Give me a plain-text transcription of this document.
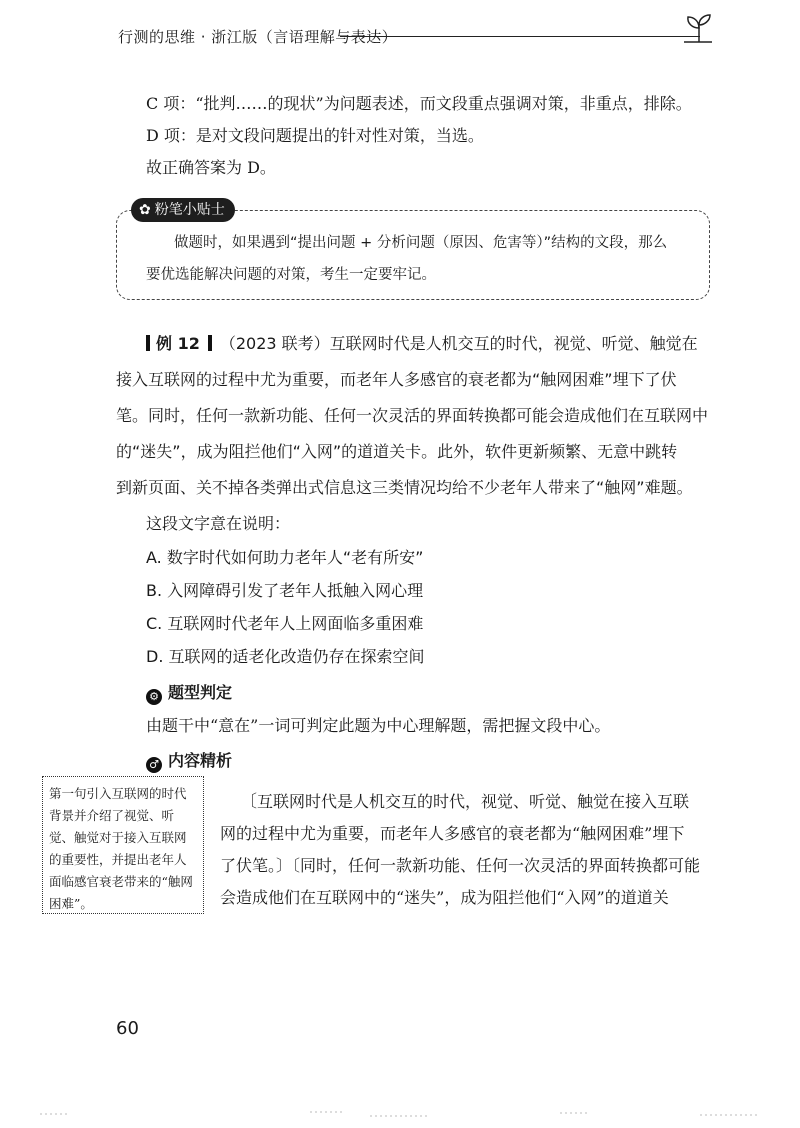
行测的思维 · 浙江版（言语理解与表达）
C 项：“批判……的现状”为问题表述，而文段重点强调对策，非重点，排除。
D 项：是对文段问题提出的针对性对策，当选。
故正确答案为 D。
✿ 粉笔小贴士
做题时，如果遇到“提出问题 + 分析问题（原因、危害等）”结构的文段，那么
要优选能解决问题的对策，考生一定要牢记。
例 12 （2023 联考）互联网时代是人机交互的时代，视觉、听觉、触觉在
接入互联网的过程中尤为重要，而老年人多感官的衰老都为“触网困难”埋下了伏
笔。同时，任何一款新功能、任何一次灵活的界面转换都可能会造成他们在互联网中
的“迷失”，成为阻拦他们“入网”的道道关卡。此外，软件更新频繁、无意中跳转
到新页面、关不掉各类弹出式信息这三类情况均给不少老年人带来了“触网”难题。
这段文字意在说明：
A. 数字时代如何助力老年人“老有所安”
B. 入网障碍引发了老年人抵触入网心理
C. 互联网时代老年人上网面临多重困难
D. 互联网的适老化改造仍存在探索空间
⚙ 题型判定
由题干中“意在”一词可判定此题为中心理解题，需把握文段中心。
♂ 内容精析
第一句引入互联网的时代背景并介绍了视觉、听觉、触觉对于接入互联网的重要性，并提出老年人面临感官衰老带来的“触网困难”。
〔互联网时代是人机交互的时代，视觉、听觉、触觉在接入互联
网的过程中尤为重要，而老年人多感官的衰老都为“触网困难”埋下
了伏笔。〕〔同时，任何一款新功能、任何一次灵活的界面转换都可能
会造成他们在互联网中的“迷失”，成为阻拦他们“入网”的道道关
60
